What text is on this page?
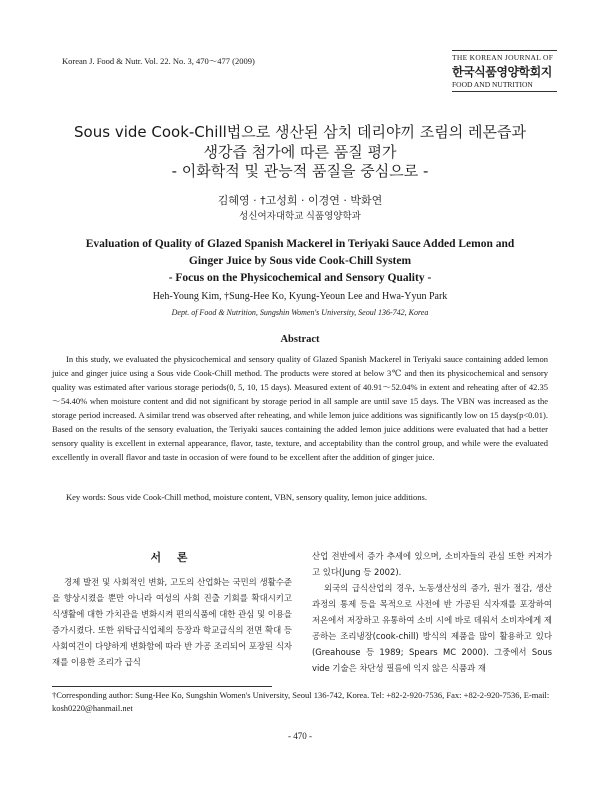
Korean J. Food & Nutr. Vol. 22. No. 3, 470～477 (2009)	THE KOREAN JOURNAL OF
한국식품영양학회지
FOOD AND NUTRITION
Sous vide Cook-Chill법으로 생산된 삼치 데리야끼 조림의 레몬즙과
생강즙 첨가에 따른 품질 평가
- 이화학적 및 관능적 품질을 중심으로 -
김혜영 · †고성희 · 이경연 · 박화연
성신여자대학교 식품영양학과
Evaluation of Quality of Glazed Spanish Mackerel in Teriyaki Sauce Added Lemon and
Ginger Juice by Sous vide Cook-Chill System
- Focus on the Physicochemical and Sensory Quality -
Heh-Young Kim, †Sung-Hee Ko, Kyung-Yeoun Lee and Hwa-Yyun Park
Dept. of Food & Nutrition, Sungshin Women's University, Seoul 136-742, Korea
Abstract

In this study, we evaluated the physicochemical and sensory quality of Glazed Spanish Mackerel in Teriyaki sauce containing added lemon juice and ginger juice using a Sous vide Cook-Chill method. The products were stored at below 3℃ and then its physicochemical and sensory quality was estimated after various storage periods(0, 5, 10, 15 days). Measured extent of 40.91～52.04% in extent and reheating after of 42.35～54.40% when moisture content and did not significant by storage period in all sample are until save 15 days. The VBN was increased as the storage period increased. A similar trend was observed after reheating, and while lemon juice additions was significantly low on 15 days(p<0.01). Based on the results of the sensory evaluation, the Teriyaki sauces containing the added lemon juice additions were evaluated that had a better sensory quality is excellent in external appearance, flavor, taste, texture, and acceptability than the control group, and while were the evaluated excellently in overall flavor and taste in occasion of were found to be excellent after the addition of ginger juice.

Key words: Sous vide Cook-Chill method, moisture content, VBN, sensory quality, lemon juice additions.
서 론

경제 발전 및 사회적인 변화, 고도의 산업화는 국민의 생활수준을 향상시켰을 뿐만 아니라 여성의 사회 진출 기회를 확대시키고 식생활에 대한 가치관을 변화시켜 편의식품에 대한 관심 및 이용을 증가시켰다. 또한 위탁급식업체의 등장과 학교급식의 전면 확대 등 사회여건이 다양하게 변화함에 따라 반 가공 조리되어 포장된 식자재를 이용한 조리가 급식

산업 전반에서 증가 추세에 있으며, 소비자들의 관심 또한 커져가고 있다(Jung 등 2002).

외국의 급식산업의 경우, 노동생산성의 증가, 원가 절감, 생산과정의 통제 등을 목적으로 사전에 반 가공된 식자재를 포장하여 저온에서 저장하고 유통하여 소비 시에 바로 데워서 소비자에게 제공하는 조리냉장(cook-chill) 방식의 제품을 많이 활용하고 있다(Greahouse 등 1989; Spears MC 2000). 그중에서 Sous vide 기술은 차단성 필름에 익지 않은 식품과 재

†Corresponding author: Sung-Hee Ko, Sungshin Women's University, Seoul 136-742, Korea. Tel: +82-2-920-7536, Fax: +82-2-920-7536, E-mail: kosh0220@hanmail.net
- 470 -
